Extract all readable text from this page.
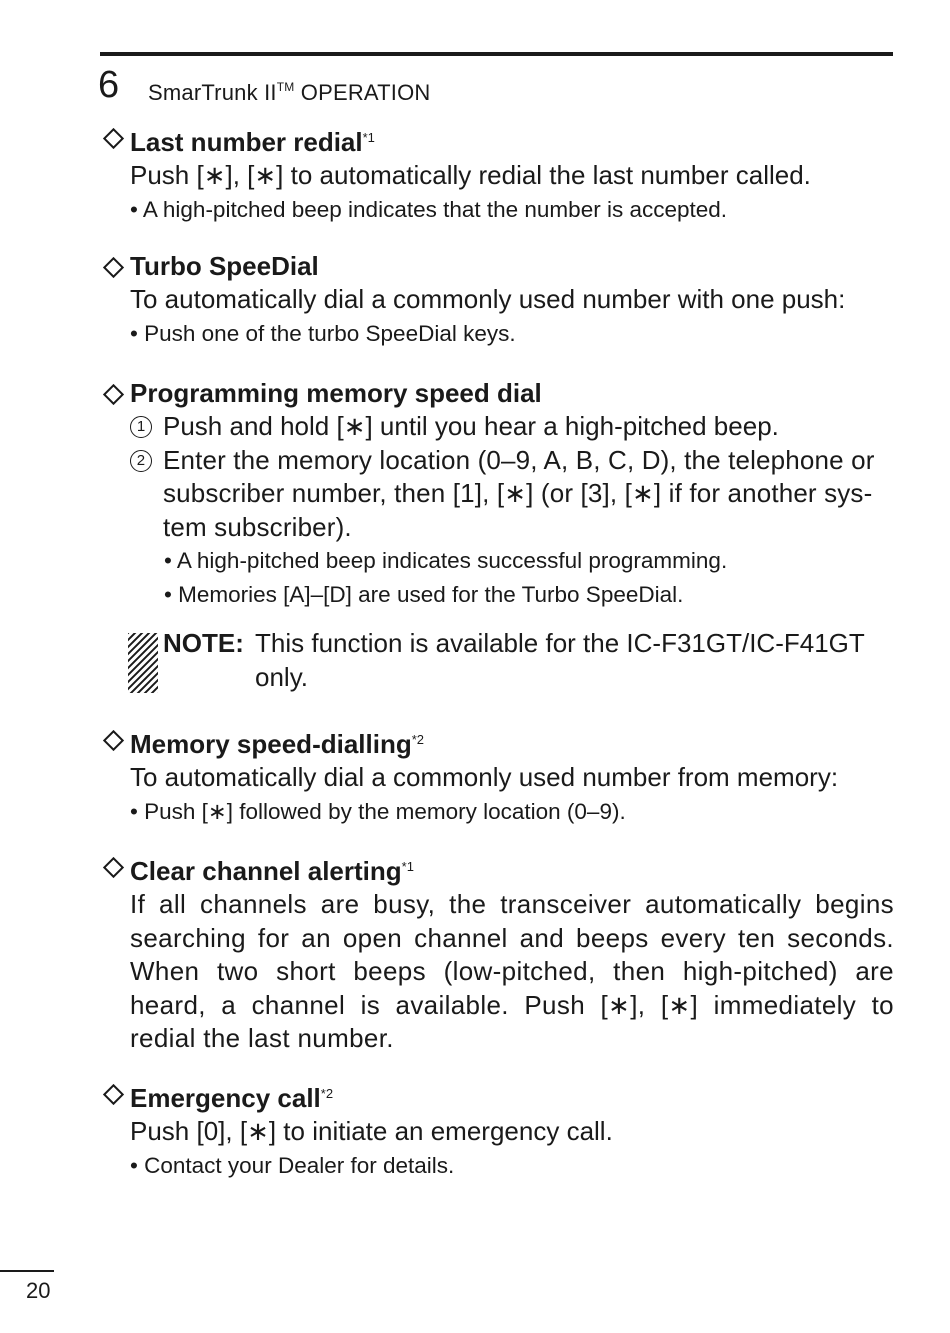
6 SmarTrunk II™ OPERATION
Last number redial$^{*1}$
Push [∗], [∗] to automatically redial the last number called.
• A high-pitched beep indicates that the number is accepted.
Turbo SpeeDial
To automatically dial a commonly used number with one push:
• Push one of the turbo SpeeDial keys.
Programming memory speed dial
1 Push and hold [∗] until you hear a high-pitched beep.
2 Enter the memory location (0–9, A, B, C, D), the telephone or subscriber number, then [1], [∗] (or [3], [∗] if for another sys-tem subscriber).
• A high-pitched beep indicates successful programming.
• Memories [A]–[D] are used for the Turbo SpeeDial.
NOTE: This function is available for the IC-F31GT/IC-F41GT only.
Memory speed-dialling$^{*2}$
To automatically dial a commonly used number from memory:
• Push [∗] followed by the memory location (0–9).
Clear channel alerting$^{*1}$
If all channels are busy, the transceiver automatically begins searching for an open channel and beeps every ten seconds. When two short beeps (low-pitched, then high-pitched) are heard, a channel is available. Push [∗], [∗] immediately to redial the last number.
Emergency call$^{*2}$
Push [0], [∗] to initiate an emergency call.
• Contact your Dealer for details.
20
